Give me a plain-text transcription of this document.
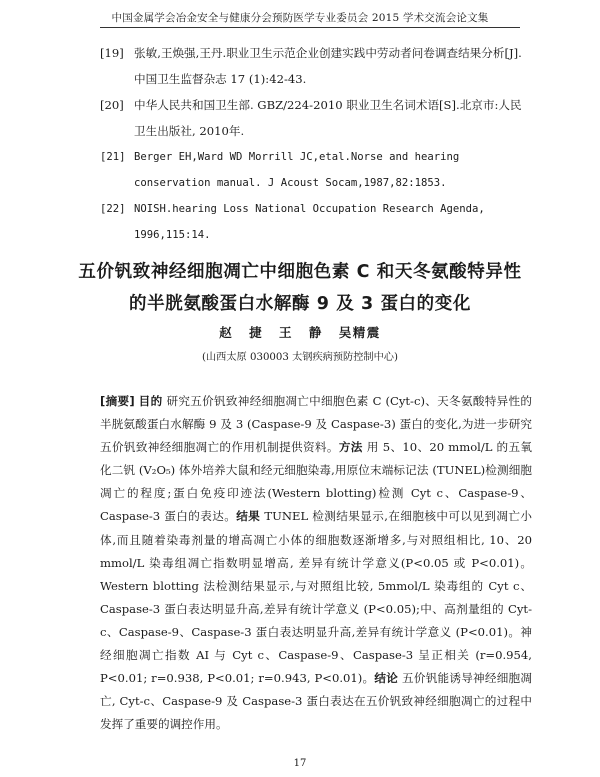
中国金属学会冶金安全与健康分会预防医学专业委员会 2015 学术交流会论文集

[19] 张敏,王焕强,王丹.职业卫生示范企业创建实践中劳动者问卷调查结果分析[J].中国卫生监督杂志 17 (1):42-43.

[20] 中华人民共和国卫生部. GBZ/224-2010 职业卫生名词术语[S].北京市:人民卫生出版社, 2010年.

[21] Berger EH,Ward WD Morrill JC,etal.Norse and hearing conservation manual. J Acoust Socam,1987,82:1853.

[22] NOISH.hearing Loss National Occupation Research Agenda, 1996,115:14.

五价钒致神经细胞凋亡中细胞色素 C 和天冬氨酸特异性
的半胱氨酸蛋白水解酶 9 及 3 蛋白的变化
赵 捷 王 静 吴精震
(山西太原 030003 太钢疾病预防控制中心)

[摘要] 目的 研究五价钒致神经细胞凋亡中细胞色素 C (Cyt-c)、天冬氨酸特异性的半胱氨酸蛋白水解酶 9 及 3 (Caspase-9 及 Caspase-3) 蛋白的变化,为进一步研究五价钒致神经细胞凋亡的作用机制提供资料。方法 用 5、10、20 mmol/L 的五氧化二钒 (V₂O₅) 体外培养大鼠和经元细胞染毒,用原位末端标记法 (TUNEL)检测细胞凋亡的程度;蛋白免疫印迹法(Western blotting)检测 Cyt c、Caspase-9、Caspase-3 蛋白的表达。结果 TUNEL 检测结果显示,在细胞核中可以见到凋亡小体,而且随着染毒剂量的增高凋亡小体的细胞数逐渐增多,与对照组相比, 10、20 mmol/L 染毒组凋亡指数明显增高, 差异有统计学意义(P<0.05 或 P<0.01)。Western blotting 法检测结果显示,与对照组比较, 5mmol/L 染毒组的 Cyt c、Caspase-3 蛋白表达明显升高,差异有统计学意义 (P<0.05);中、高剂量组的 Cyt-c、Caspase-9、Caspase-3 蛋白表达明显升高,差异有统计学意义 (P<0.01)。神经细胞凋亡指数 AI 与 Cyt c、Caspase-9、Caspase-3 呈正相关 (r=0.954, P<0.01; r=0.938, P<0.01; r=0.943, P<0.01)。结论 五价钒能诱导神经细胞凋亡, Cyt-c、Caspase-9 及 Caspase-3 蛋白表达在五价钒致神经细胞凋亡的过程中发挥了重要的调控作用。

17
